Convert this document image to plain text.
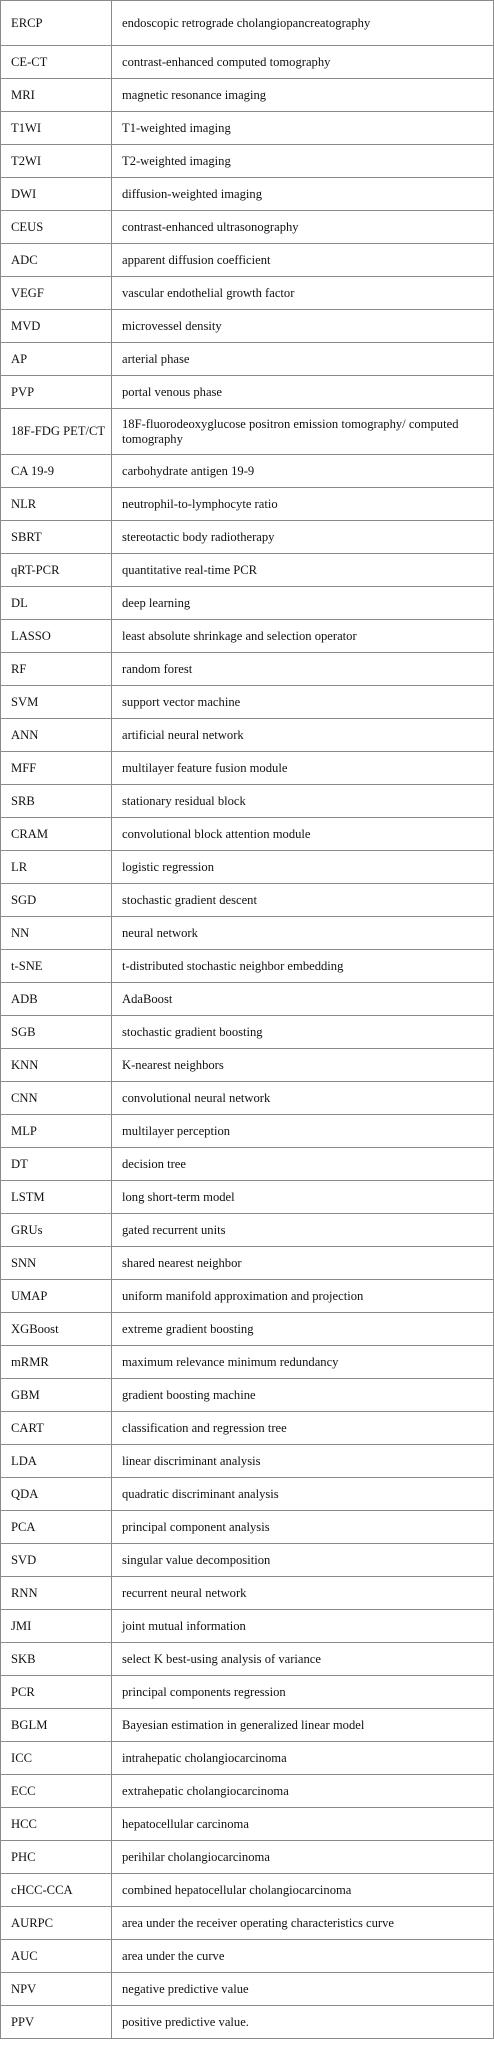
ERCP	endoscopic retrograde cholangiopancreatography
CE-CT	contrast-enhanced computed tomography
MRI	magnetic resonance imaging
T1WI	T1-weighted imaging
T2WI	T2-weighted imaging
DWI	diffusion-weighted imaging
CEUS	contrast-enhanced ultrasonography
ADC	apparent diffusion coefficient
VEGF	vascular endothelial growth factor
MVD	microvessel density
AP	arterial phase
PVP	portal venous phase
18F-FDG PET/CT	18F-fluorodeoxyglucose positron emission tomography/ computed tomography
CA 19-9	carbohydrate antigen 19-9
NLR	neutrophil-to-lymphocyte ratio
SBRT	stereotactic body radiotherapy
qRT-PCR	quantitative real-time PCR
DL	deep learning
LASSO	least absolute shrinkage and selection operator
RF	random forest
SVM	support vector machine
ANN	artificial neural network
MFF	multilayer feature fusion module
SRB	stationary residual block
CRAM	convolutional block attention module
LR	logistic regression
SGD	stochastic gradient descent
NN	neural network
t-SNE	t-distributed stochastic neighbor embedding
ADB	AdaBoost
SGB	stochastic gradient boosting
KNN	K-nearest neighbors
CNN	convolutional neural network
MLP	multilayer perception
DT	decision tree
LSTM	long short-term model
GRUs	gated recurrent units
SNN	shared nearest neighbor
UMAP	uniform manifold approximation and projection
XGBoost	extreme gradient boosting
mRMR	maximum relevance minimum redundancy
GBM	gradient boosting machine
CART	classification and regression tree
LDA	linear discriminant analysis
QDA	quadratic discriminant analysis
PCA	principal component analysis
SVD	singular value decomposition
RNN	recurrent neural network
JMI	joint mutual information
SKB	select K best-using analysis of variance
PCR	principal components regression
BGLM	Bayesian estimation in generalized linear model
ICC	intrahepatic cholangiocarcinoma
ECC	extrahepatic cholangiocarcinoma
HCC	hepatocellular carcinoma
PHC	perihilar cholangiocarcinoma
cHCC-CCA	combined hepatocellular cholangiocarcinoma
AURPC	area under the receiver operating characteristics curve
AUC	area under the curve
NPV	negative predictive value
PPV	positive predictive value.
